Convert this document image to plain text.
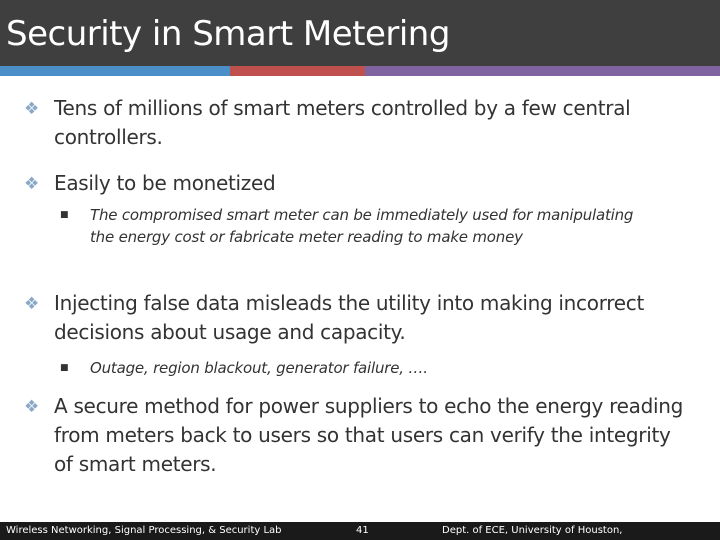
Security in Smart Metering
❖ Tens of millions of smart meters controlled by a few central controllers.
❖ Easily to be monetized
■	The compromised smart meter can be immediately used for manipulating the energy cost or fabricate meter reading to make money
❖ Injecting false data misleads the utility into making incorrect decisions about usage and capacity.
■	Outage, region blackout, generator failure, ….
❖ A secure method for power suppliers to echo the energy reading from meters back to users so that users can verify the integrity of smart meters.
Wireless Networking, Signal Processing, & Security Lab	41	Dept. of ECE, University of Houston,
